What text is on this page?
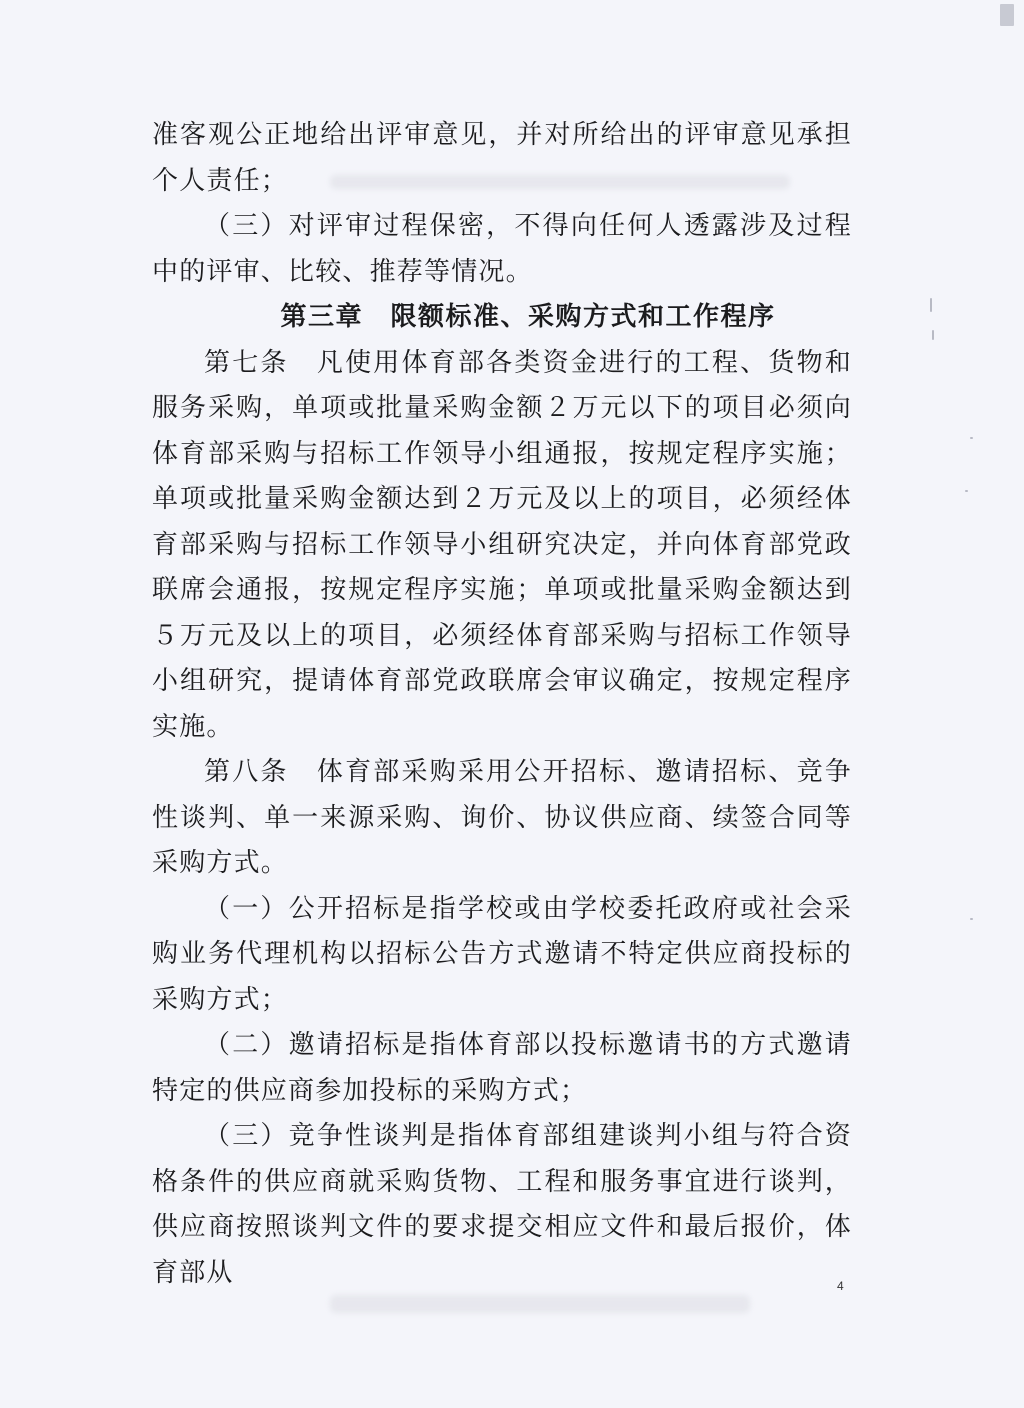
准客观公正地给出评审意见，并对所给出的评审意见承担个人责任；

（三）对评审过程保密，不得向任何人透露涉及过程中的评审、比较、推荐等情况。

第三章　限额标准、采购方式和工作程序

第七条　凡使用体育部各类资金进行的工程、货物和服务采购，单项或批量采购金额２万元以下的项目必须向体育部采购与招标工作领导小组通报，按规定程序实施；单项或批量采购金额达到２万元及以上的项目，必须经体育部采购与招标工作领导小组研究决定，并向体育部党政联席会通报，按规定程序实施；单项或批量采购金额达到５万元及以上的项目，必须经体育部采购与招标工作领导小组研究，提请体育部党政联席会审议确定，按规定程序实施。

第八条　体育部采购采用公开招标、邀请招标、竞争性谈判、单一来源采购、询价、协议供应商、续签合同等采购方式。

（一）公开招标是指学校或由学校委托政府或社会采购业务代理机构以招标公告方式邀请不特定供应商投标的采购方式；

（二）邀请招标是指体育部以投标邀请书的方式邀请特定的供应商参加投标的采购方式；

（三）竞争性谈判是指体育部组建谈判小组与符合资格条件的供应商就采购货物、工程和服务事宜进行谈判，供应商按照谈判文件的要求提交相应文件和最后报价，体育部从	4
